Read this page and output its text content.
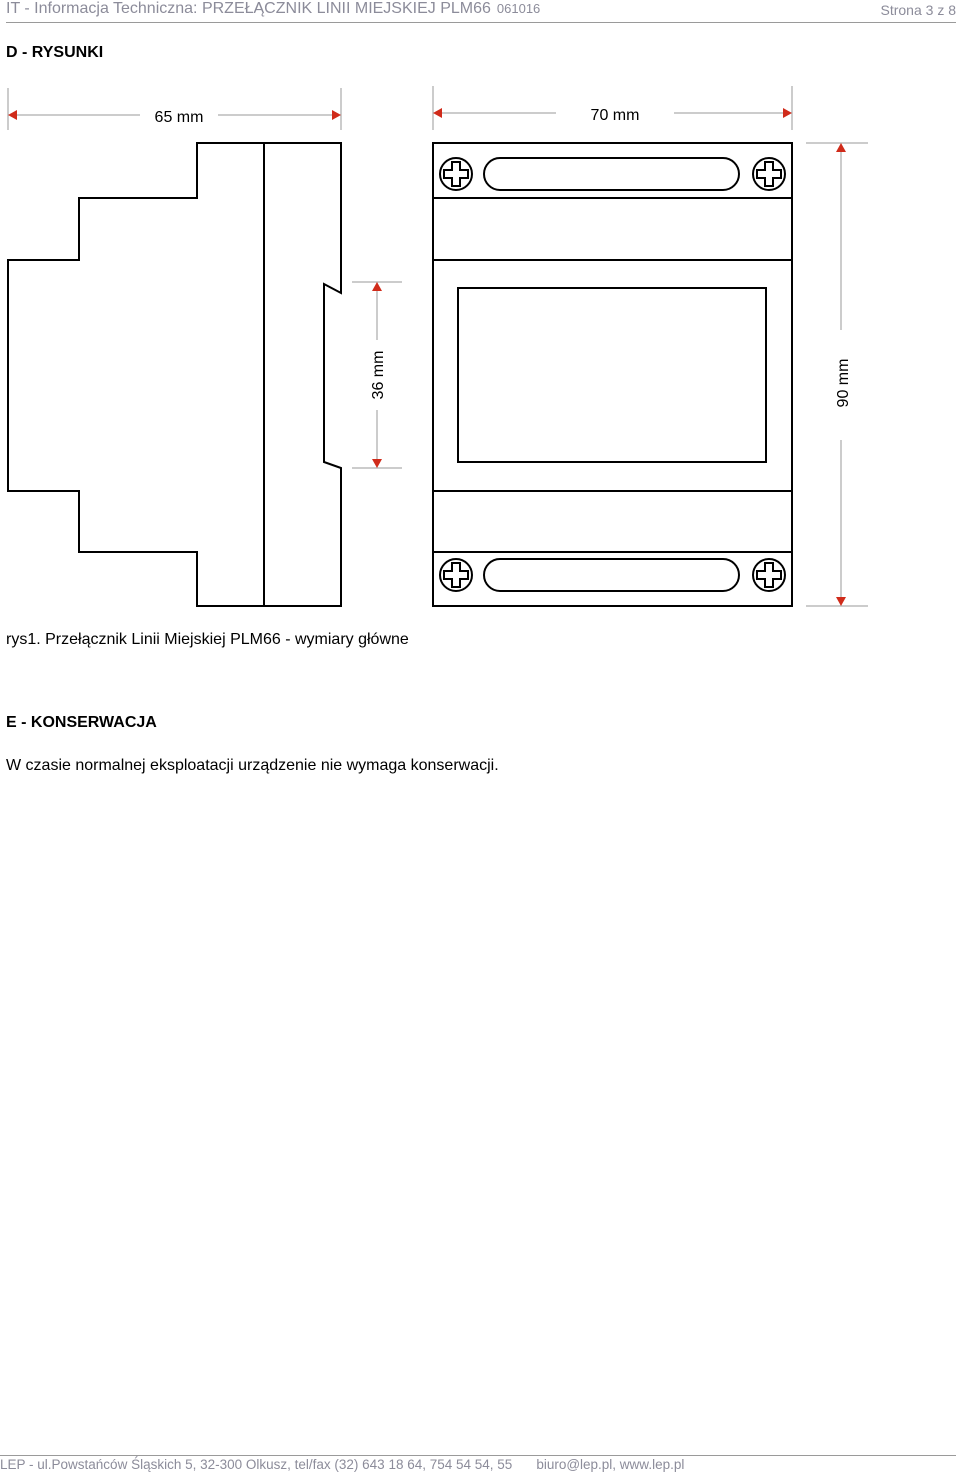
IT - Informacja Techniczna: PRZEŁĄCZNIK LINII MIEJSKIEJ PLM66 061016	Strona 3 z 8
D - RYSUNKI
65 mm	70 mm
36 mm	90 mm
rys1. Przełącznik Linii Miejskiej PLM66 - wymiary główne
E - KONSERWACJA
W czasie normalnej eksploatacji urządzenie nie wymaga konserwacji.
LEP - ul.Powstańców Śląskich 5, 32-300 Olkusz, tel/fax (32) 643 18 64, 754 54 54, 55 biuro@lep.pl, www.lep.pl
